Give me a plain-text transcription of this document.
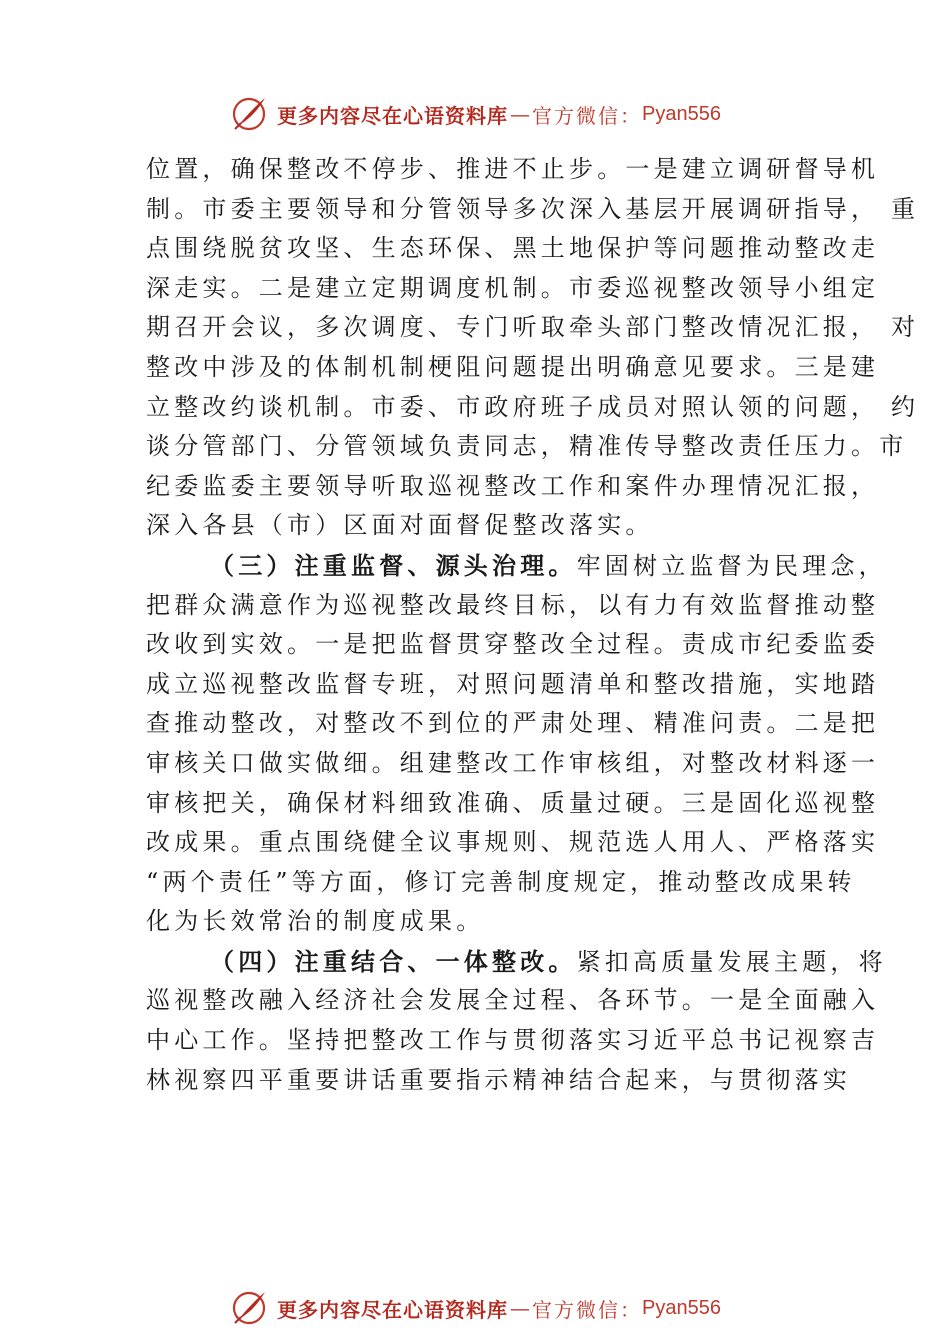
更多内容尽在心语资料库 — 官方微信： Pyan556

位置，确保整改不停步、推进不止步。一是建立调研督导机
制。市委主要领导和分管领导多次深入基层开展调研指导， 重
点围绕脱贫攻坚、生态环保、黑土地保护等问题推动整改走
深走实。二是建立定期调度机制。市委巡视整改领导小组定
期召开会议，多次调度、专门听取牵头部门整改情况汇报， 对
整改中涉及的体制机制梗阻问题提出明确意见要求。三是建
立整改约谈机制。市委、市政府班子成员对照认领的问题， 约
谈分管部门、分管领域负责同志，精准传导整改责任压力。市
纪委监委主要领导听取巡视整改工作和案件办理情况汇报，
深入各县（市）区面对面督促整改落实。

（三）注重监督、源头治理。牢固树立监督为民理念，
把群众满意作为巡视整改最终目标，以有力有效监督推动整
改收到实效。一是把监督贯穿整改全过程。责成市纪委监委
成立巡视整改监督专班，对照问题清单和整改措施，实地踏
查推动整改，对整改不到位的严肃处理、精准问责。二是把
审核关口做实做细。组建整改工作审核组，对整改材料逐一
审核把关，确保材料细致准确、质量过硬。三是固化巡视整
改成果。重点围绕健全议事规则、规范选人用人、严格落实
“两个责任”等方面，修订完善制度规定，推动整改成果转
化为长效常治的制度成果。

（四）注重结合、一体整改。紧扣高质量发展主题，将
巡视整改融入经济社会发展全过程、各环节。一是全面融入
中心工作。坚持把整改工作与贯彻落实习近平总书记视察吉
林视察四平重要讲话重要指示精神结合起来，与贯彻落实

更多内容尽在心语资料库 — 官方微信： Pyan556
